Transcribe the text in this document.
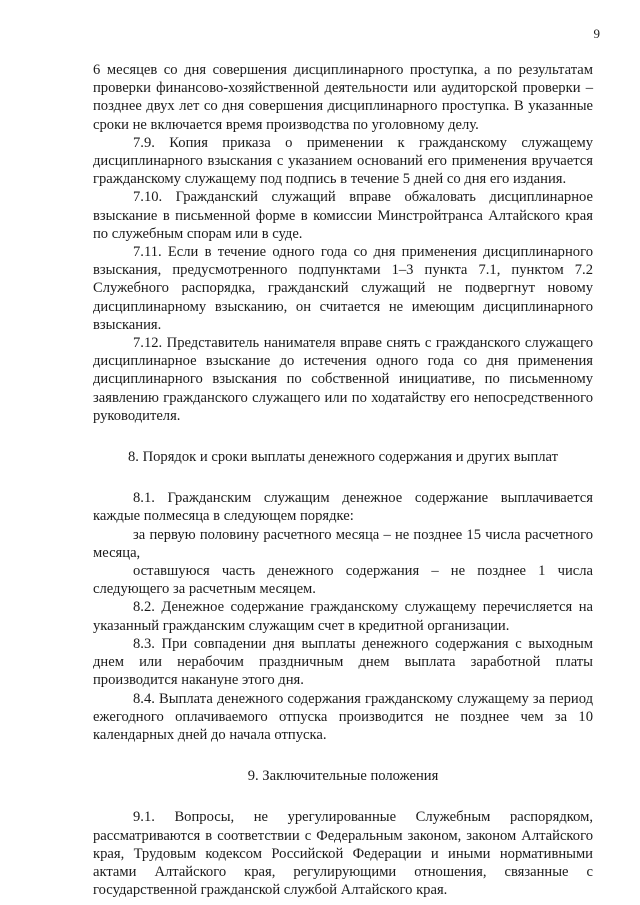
9

6 месяцев со дня совершения дисциплинарного проступка, а по результатам проверки финансово-хозяйственной деятельности или аудиторской проверки – позднее двух лет со дня совершения дисциплинарного проступка. В указанные сроки не включается время производства по уголовному делу.

7.9. Копия приказа о применении к гражданскому служащему дисциплинарного взыскания с указанием оснований его применения вручается гражданскому служащему под подпись в течение 5 дней со дня его издания.

7.10. Гражданский служащий вправе обжаловать дисциплинарное взыскание в письменной форме в комиссии Минстройтранса Алтайского края по служебным спорам или в суде.

7.11. Если в течение одного года со дня применения дисциплинарного взыскания, предусмотренного подпунктами 1–3 пункта 7.1, пунктом 7.2 Служебного распорядка, гражданский служащий не подвергнут новому дисциплинарному взысканию, он считается не имеющим дисциплинарного взыскания.

7.12. Представитель нанимателя вправе снять с гражданского служащего дисциплинарное взыскание до истечения одного года со дня применения дисциплинарного взыскания по собственной инициативе, по письменному заявлению гражданского служащего или по ходатайству его непосредственного руководителя.

8. Порядок и сроки выплаты денежного содержания и других выплат

8.1. Гражданским служащим денежное содержание выплачивается каждые полмесяца в следующем порядке:

за первую половину расчетного месяца – не позднее 15 числа расчетного месяца,

оставшуюся часть денежного содержания – не позднее 1 числа следующего за расчетным месяцем.

8.2. Денежное содержание гражданскому служащему перечисляется на указанный гражданским служащим счет в кредитной организации.

8.3. При совпадении дня выплаты денежного содержания с выходным днем или нерабочим праздничным днем выплата заработной платы производится накануне этого дня.

8.4. Выплата денежного содержания гражданскому служащему за период ежегодного оплачиваемого отпуска производится не позднее чем за 10 календарных дней до начала отпуска.

9. Заключительные положения

9.1. Вопросы, не урегулированные Служебным распорядком, рассматриваются в соответствии с Федеральным законом, законом Алтайского края, Трудовым кодексом Российской Федерации и иными нормативными актами Алтайского края, регулирующими отношения, связанные с государственной гражданской службой Алтайского края.
